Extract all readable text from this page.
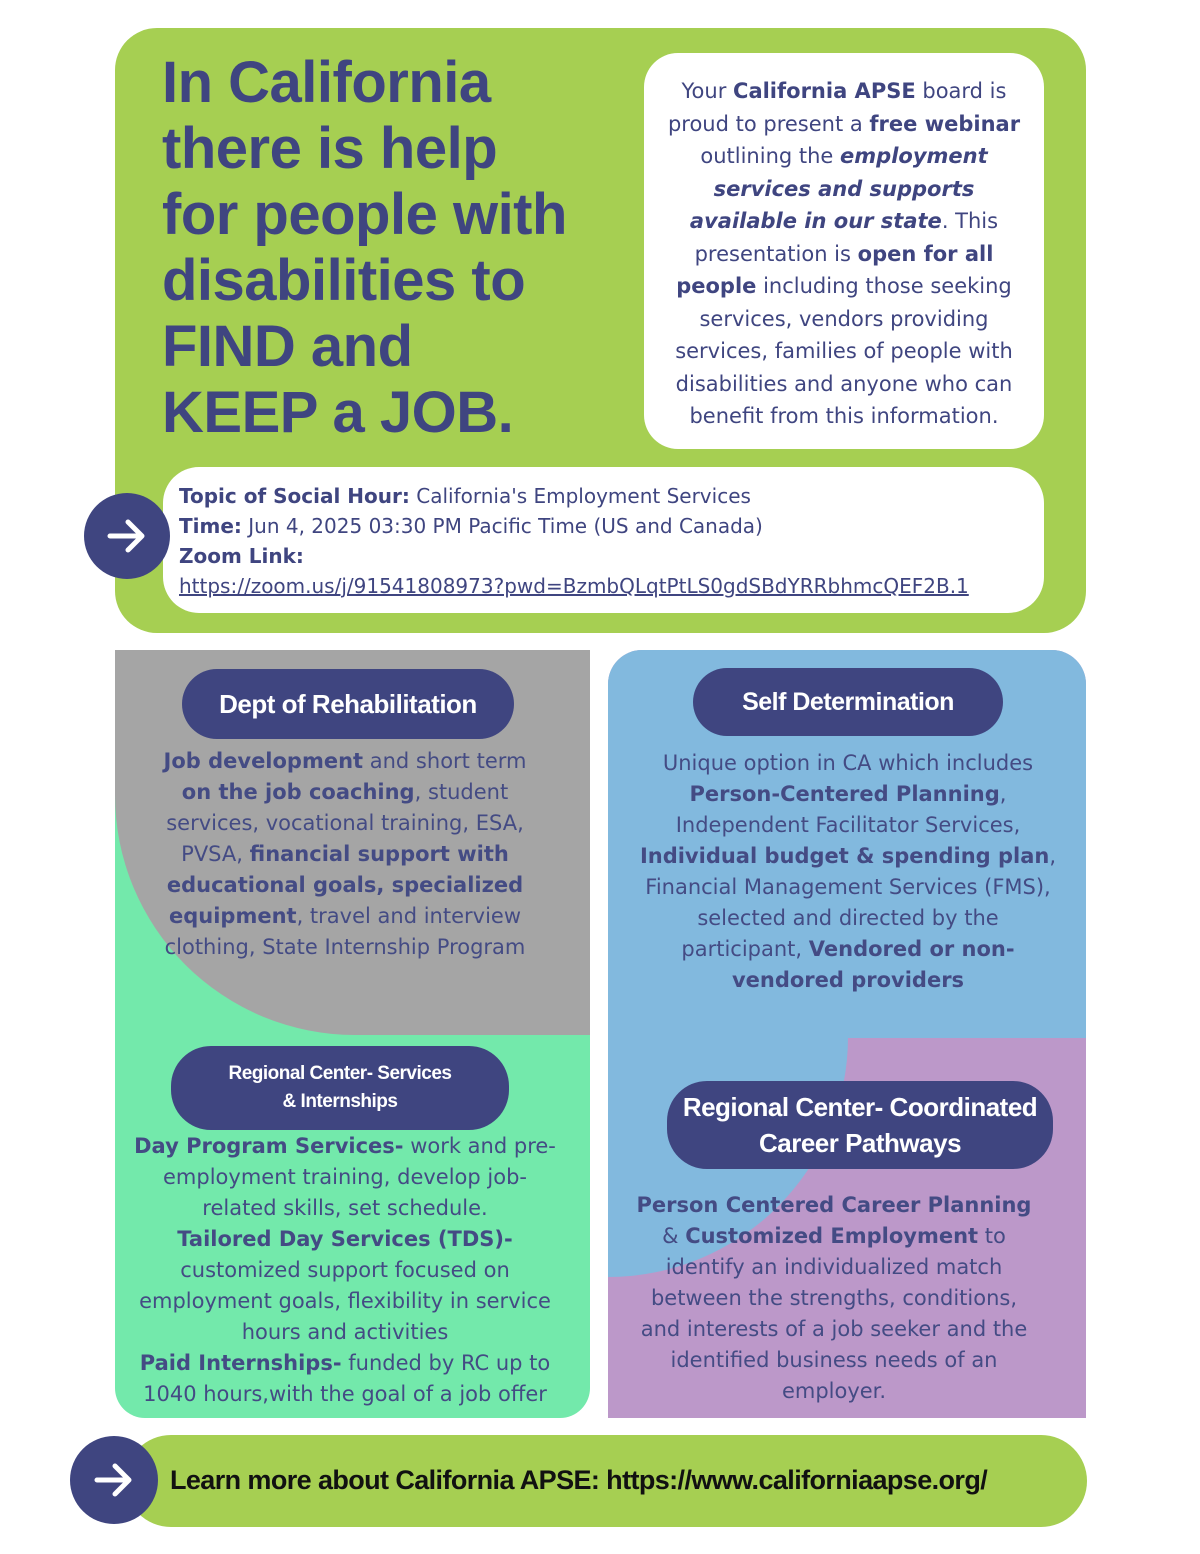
In California
there is help
for people with
disabilities to
FIND and
KEEP a JOB.
Your California APSE board is proud to present a free webinar outlining the employment services and supports available in our state. This presentation is open for all people including those seeking services, vendors providing services, families of people with disabilities and anyone who can benefit from this information.
Topic of Social Hour: California's Employment Services
Time: Jun 4, 2025 03:30 PM Pacific Time (US and Canada)
Zoom Link:
https://zoom.us/j/91541808973?pwd=BzmbQLqtPtLS0gdSBdYRRbhmcQEF2B.1
Dept of Rehabilitation
Job development and short term on the job coaching, student services, vocational training, ESA, PVSA, financial support with educational goals, specialized equipment, travel and interview clothing, State Internship Program
Self Determination
Unique option in CA which includes Person-Centered Planning, Independent Facilitator Services, Individual budget & spending plan, Financial Management Services (FMS), selected and directed by the participant, Vendored or non-vendored providers
Regional Center- Services
& Internships
Day Program Services- work and pre-employment training, develop job-related skills, set schedule.
Tailored Day Services (TDS)- customized support focused on employment goals, flexibility in service hours and activities
Paid Internships- funded by RC up to 1040 hours,with the goal of a job offer
Regional Center- Coordinated
Career Pathways
Person Centered Career Planning & Customized Employment to identify an individualized match between the strengths, conditions, and interests of a job seeker and the identified business needs of an employer.
Learn more about California APSE: https://www.californiaapse.org/
